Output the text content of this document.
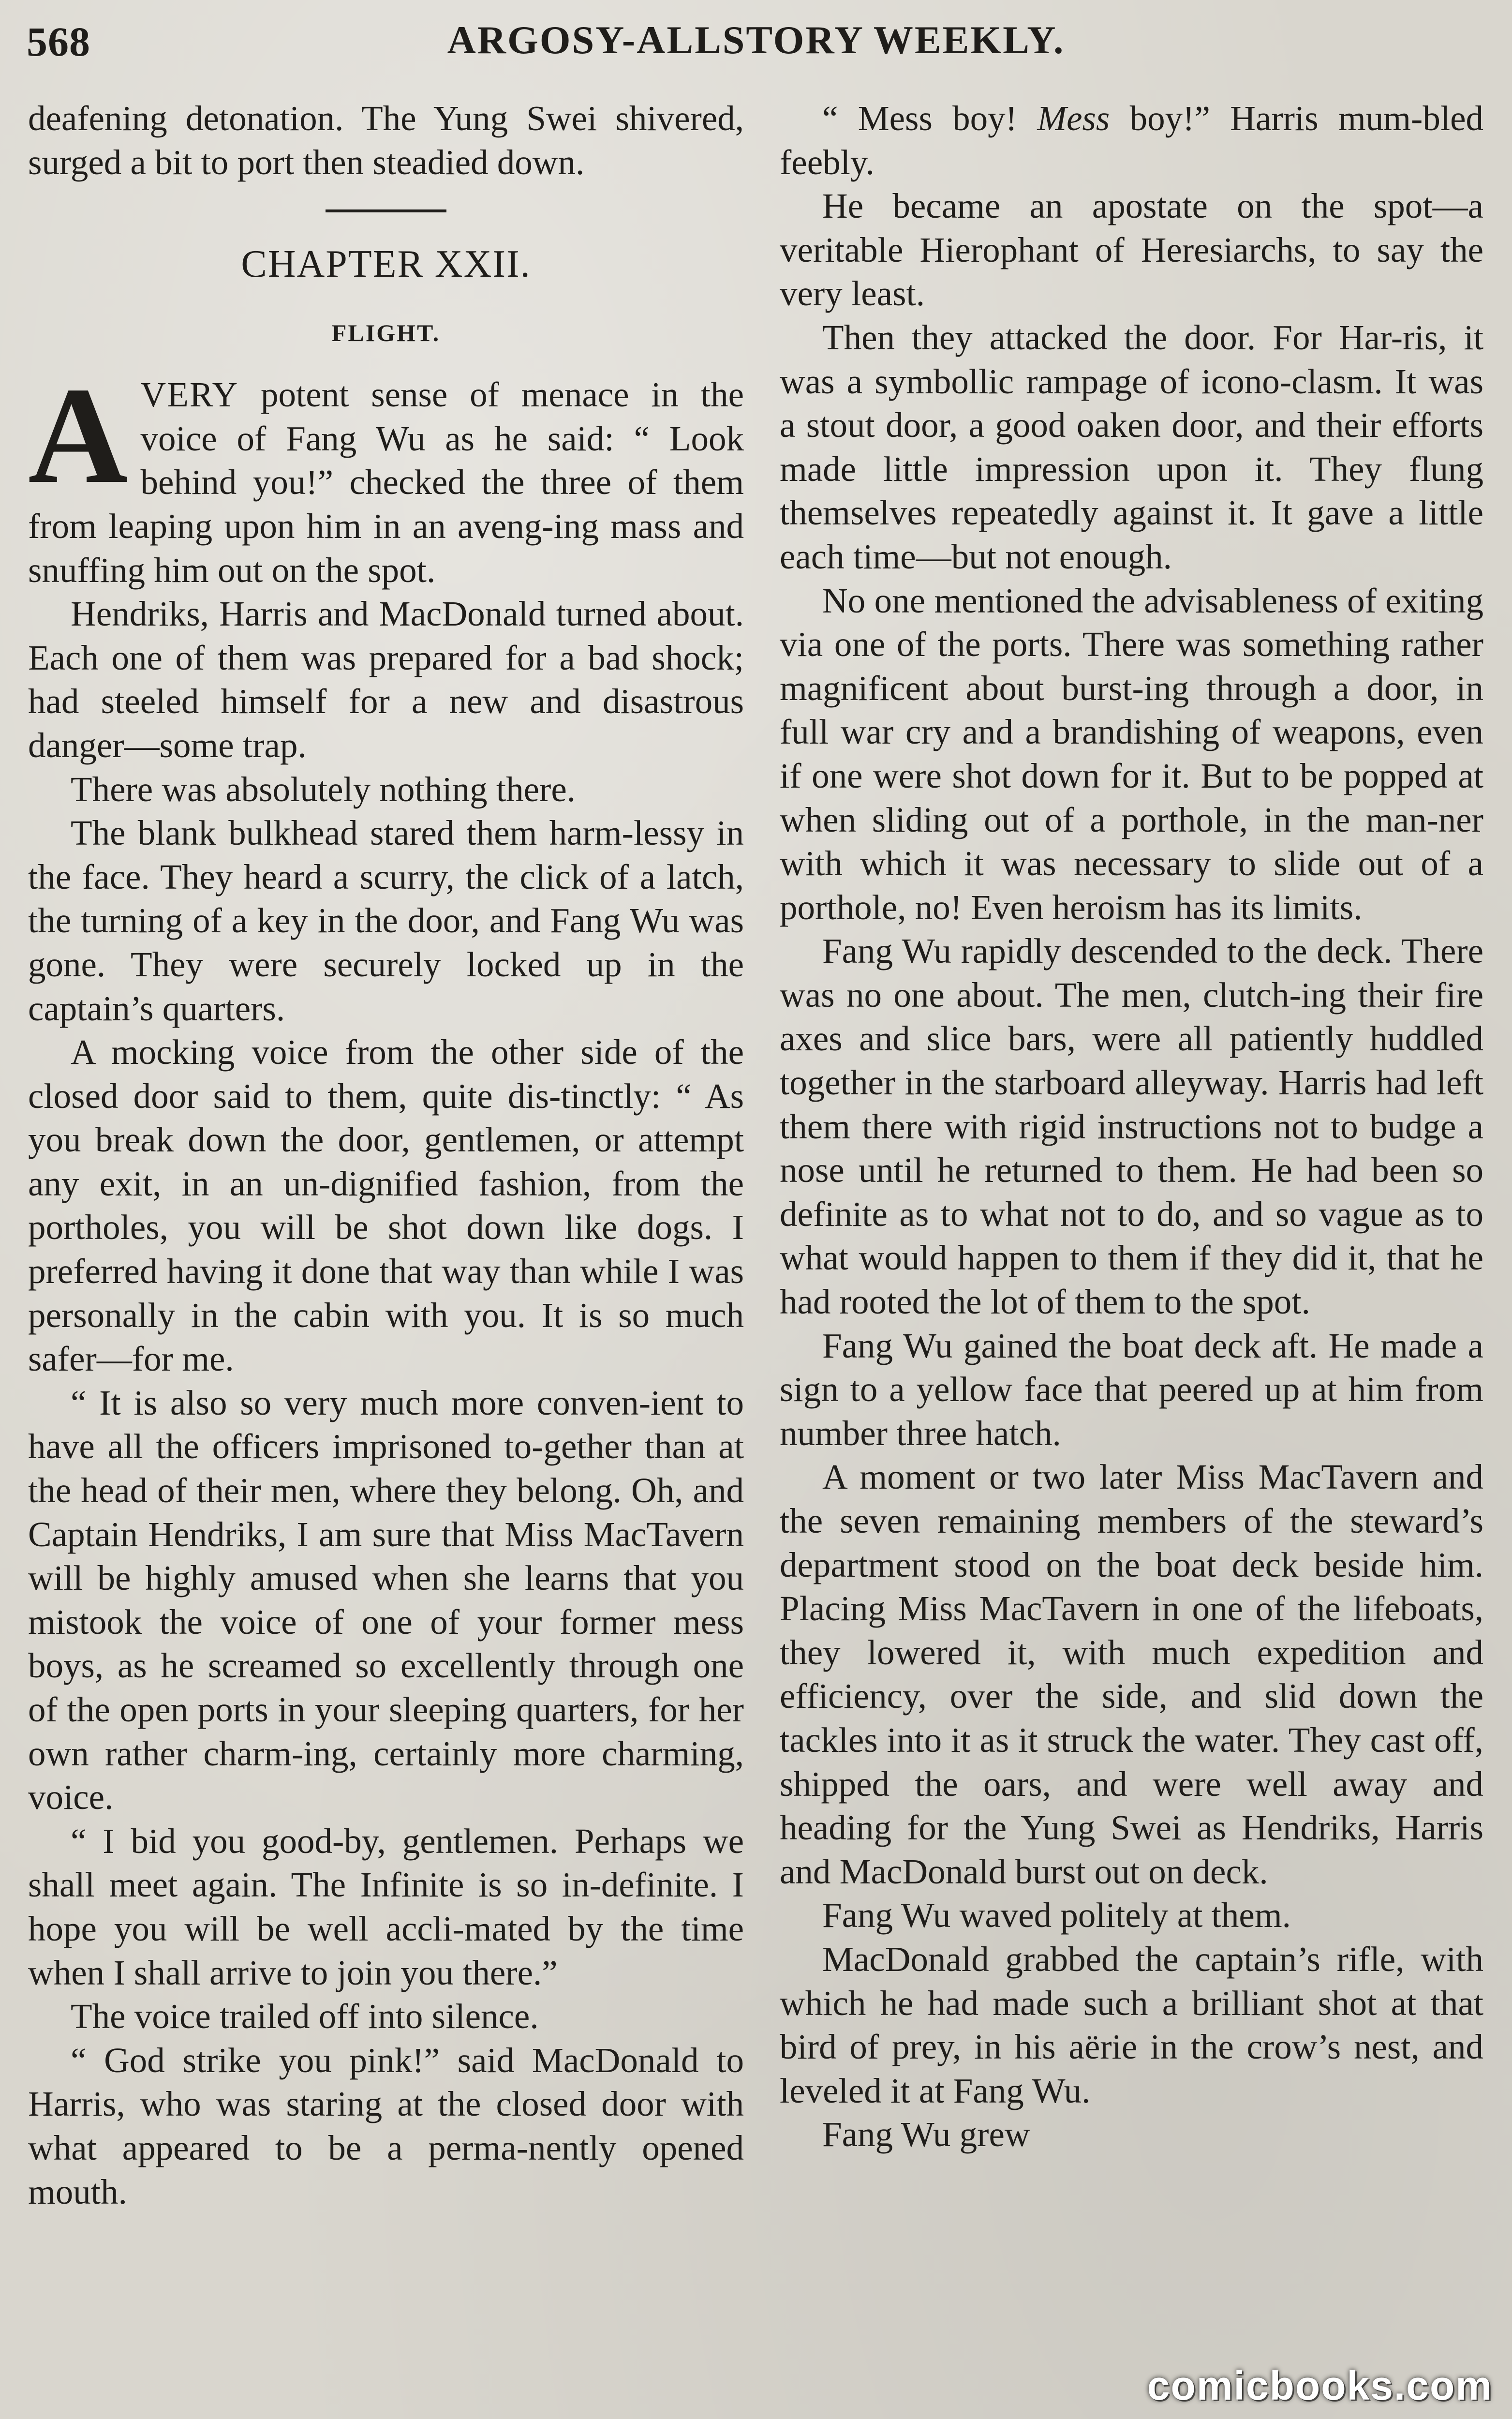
568	ARGOSY-ALLSTORY WEEKLY.

deafening detonation. The Yung Swei shivered, surged a bit to port then steadied down.

CHAPTER XXII.
FLIGHT.

AVERY potent sense of menace in the voice of Fang Wu as he said: “ Look behind you!” checked the three of them from leaping upon him in an aveng-ing mass and snuffing him out on the spot.

Hendriks, Harris and MacDonald turned about. Each one of them was prepared for a bad shock; had steeled himself for a new and disastrous danger—some trap.

There was absolutely nothing there.

The blank bulkhead stared them harm-lessy in the face. They heard a scurry, the click of a latch, the turning of a key in the door, and Fang Wu was gone. They were securely locked up in the captain’s quarters.

A mocking voice from the other side of the closed door said to them, quite dis-tinctly: “ As you break down the door, gentlemen, or attempt any exit, in an un-dignified fashion, from the portholes, you will be shot down like dogs. I preferred having it done that way than while I was personally in the cabin with you. It is so much safer—for me.

“ It is also so very much more conven-ient to have all the officers imprisoned to-gether than at the head of their men, where they belong. Oh, and Captain Hendriks, I am sure that Miss MacTavern will be highly amused when she learns that you mistook the voice of one of your former mess boys, as he screamed so excellently through one of the open ports in your sleeping quarters, for her own rather charm-ing, certainly more charming, voice.

“ I bid you good-by, gentlemen. Perhaps we shall meet again. The Infinite is so in-definite. I hope you will be well accli-mated by the time when I shall arrive to join you there.”

The voice trailed off into silence.

“ God strike you pink!” said MacDonald to Harris, who was staring at the closed door with what appeared to be a perma-nently opened mouth.

“ Mess boy! Mess boy!” Harris mum-bled feebly.

He became an apostate on the spot—a veritable Hierophant of Heresiarchs, to say the very least.

Then they attacked the door. For Har-ris, it was a symbollic rampage of icono-clasm. It was a stout door, a good oaken door, and their efforts made little impression upon it. They flung themselves repeatedly against it. It gave a little each time—but not enough.

No one mentioned the advisableness of exiting via one of the ports. There was something rather magnificent about burst-ing through a door, in full war cry and a brandishing of weapons, even if one were shot down for it. But to be popped at when sliding out of a porthole, in the man-ner with which it was necessary to slide out of a porthole, no! Even heroism has its limits.

Fang Wu rapidly descended to the deck. There was no one about. The men, clutch-ing their fire axes and slice bars, were all patiently huddled together in the starboard alleyway. Harris had left them there with rigid instructions not to budge a nose until he returned to them. He had been so definite as to what not to do, and so vague as to what would happen to them if they did it, that he had rooted the lot of them to the spot.

Fang Wu gained the boat deck aft. He made a sign to a yellow face that peered up at him from number three hatch.

A moment or two later Miss MacTavern and the seven remaining members of the steward’s department stood on the boat deck beside him. Placing Miss MacTavern in one of the lifeboats, they lowered it, with much expedition and efficiency, over the side, and slid down the tackles into it as it struck the water. They cast off, shipped the oars, and were well away and heading for the Yung Swei as Hendriks, Harris and MacDonald burst out on deck.

Fang Wu waved politely at them.

MacDonald grabbed the captain’s rifle, with which he had made such a brilliant shot at that bird of prey, in his aërie in the crow’s nest, and leveled it at Fang Wu.

Fang Wu grew

comicbooks.com
